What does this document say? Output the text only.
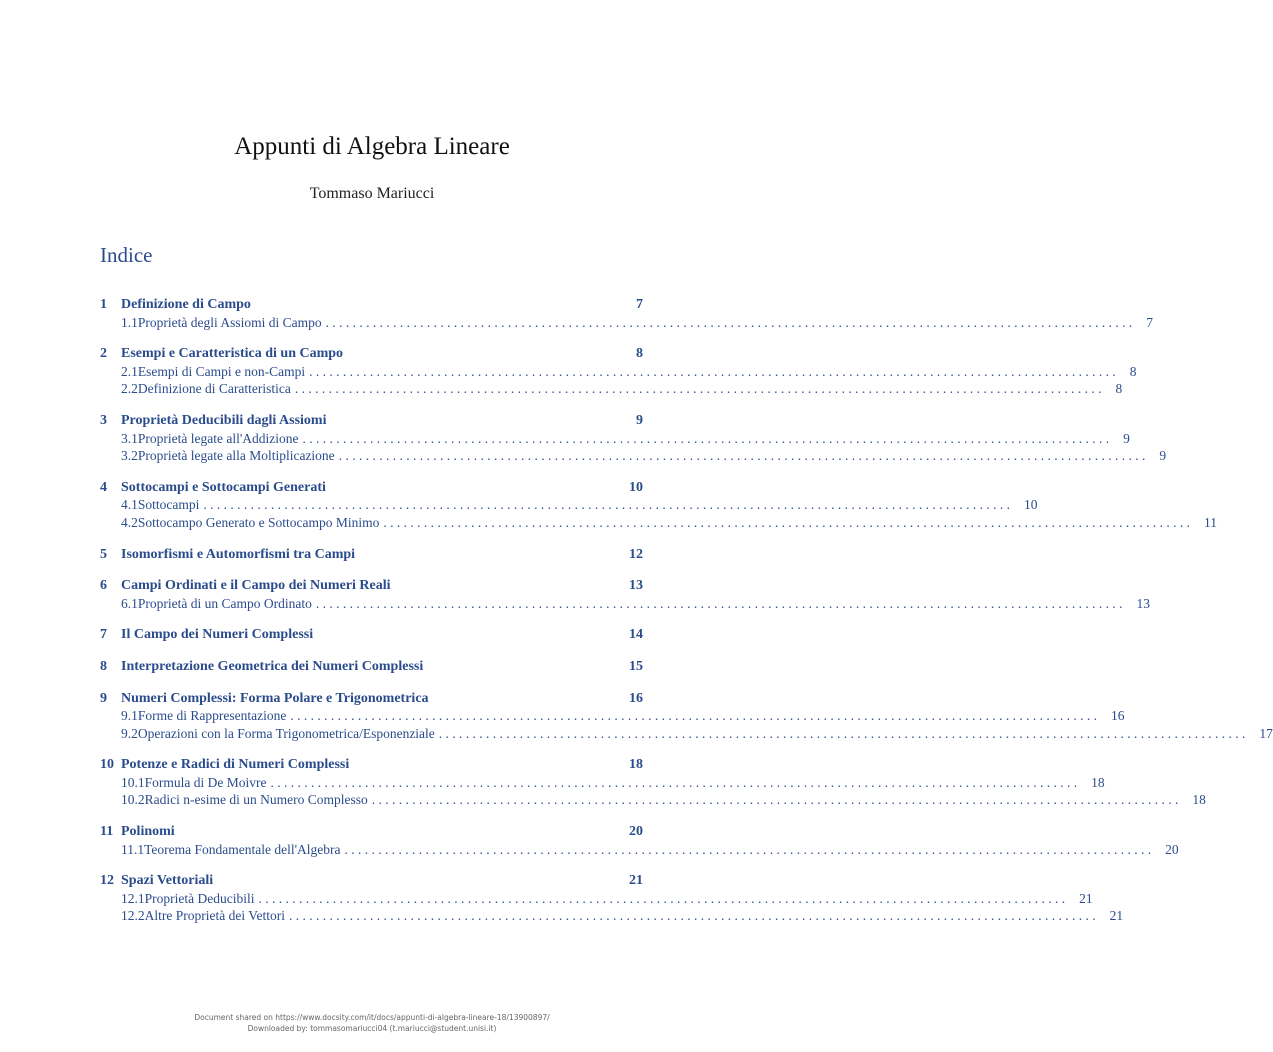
Appunti di Algebra Lineare
Tommaso Mariucci
Indice
1	Definizione di Campo	7
1.1 Proprietà degli Assiomi di Campo . . . . . . . . . . . . . . . . . . . . . . . . . . . . . . . . . . . . . . . . . . . . . . . . . . . . . . . . . . . . . . . . . . . . . . . . . . . . . . . . . . . . . . . . . . . . . . . . . . . . . . . . . . . . . . . . . . . . . . . .	7
2	Esempi e Caratteristica di un Campo	8
2.1 Esempi di Campi e non-Campi . . . . . . . . . . . . . . . . . . . . . . . . . . . . . . . . . . . . . . . . . . . . . . . . . . . . . . . . . . . . . . . . . . . . . . . . . . . . . . . . . . . . . . . . . . . . . . . . . . . . . . . . . . . . . . . . . . . . . . . .	8
2.2 Definizione di Caratteristica . . . . . . . . . . . . . . . . . . . . . . . . . . . . . . . . . . . . . . . . . . . . . . . . . . . . . . . . . . . . . . . . . . . . . . . . . . . . . . . . . . . . . . . . . . . . . . . . . . . . . . . . . . . . . . . . . . . . . . . .	8
3	Proprietà Deducibili dagli Assiomi	9
3.1 Proprietà legate all'Addizione . . . . . . . . . . . . . . . . . . . . . . . . . . . . . . . . . . . . . . . . . . . . . . . . . . . . . . . . . . . . . . . . . . . . . . . . . . . . . . . . . . . . . . . . . . . . . . . . . . . . . . . . . . . . . . . . . . . . . . . .	9
3.2 Proprietà legate alla Moltiplicazione . . . . . . . . . . . . . . . . . . . . . . . . . . . . . . . . . . . . . . . . . . . . . . . . . . . . . . . . . . . . . . . . . . . . . . . . . . . . . . . . . . . . . . . . . . . . . . . . . . . . . . . . . . . . . . . . . . . . . . . .	9
4	Sottocampi e Sottocampi Generati	10
4.1 Sottocampi . . . . . . . . . . . . . . . . . . . . . . . . . . . . . . . . . . . . . . . . . . . . . . . . . . . . . . . . . . . . . . . . . . . . . . . . . . . . . . . . . . . . . . . . . . . . . . . . . . . . . . . . . . . . . . . . . . . . . . . .	10
4.2 Sottocampo Generato e Sottocampo Minimo . . . . . . . . . . . . . . . . . . . . . . . . . . . . . . . . . . . . . . . . . . . . . . . . . . . . . . . . . . . . . . . . . . . . . . . . . . . . . . . . . . . . . . . . . . . . . . . . . . . . . . . . . . . . . . . . . . . . . . . .	11
5	Isomorfismi e Automorfismi tra Campi	12
6	Campi Ordinati e il Campo dei Numeri Reali	13
6.1 Proprietà di un Campo Ordinato . . . . . . . . . . . . . . . . . . . . . . . . . . . . . . . . . . . . . . . . . . . . . . . . . . . . . . . . . . . . . . . . . . . . . . . . . . . . . . . . . . . . . . . . . . . . . . . . . . . . . . . . . . . . . . . . . . . . . . . .	13
7	Il Campo dei Numeri Complessi	14
8	Interpretazione Geometrica dei Numeri Complessi	15
9	Numeri Complessi: Forma Polare e Trigonometrica	16
9.1 Forme di Rappresentazione . . . . . . . . . . . . . . . . . . . . . . . . . . . . . . . . . . . . . . . . . . . . . . . . . . . . . . . . . . . . . . . . . . . . . . . . . . . . . . . . . . . . . . . . . . . . . . . . . . . . . . . . . . . . . . . . . . . . . . . .	16
9.2 Operazioni con la Forma Trigonometrica/Esponenziale . . . . . . . . . . . . . . . . . . . . . . . . . . . . . . . . . . . . . . . . . . . . . . . . . . . . . . . . . . . . . . . . . . . . . . . . . . . . . . . . . . . . . . . . . . . . . . . . . . . . . . . . . . . . . . . . . . . . . . . .	17
10 Potenze e Radici di Numeri Complessi	18
10.1 Formula di De Moivre . . . . . . . . . . . . . . . . . . . . . . . . . . . . . . . . . . . . . . . . . . . . . . . . . . . . . . . . . . . . . . . . . . . . . . . . . . . . . . . . . . . . . . . . . . . . . . . . . . . . . . . . . . . . . . . . . . . . . . . .	18
10.2 Radici n-esime di un Numero Complesso . . . . . . . . . . . . . . . . . . . . . . . . . . . . . . . . . . . . . . . . . . . . . . . . . . . . . . . . . . . . . . . . . . . . . . . . . . . . . . . . . . . . . . . . . . . . . . . . . . . . . . . . . . . . . . . . . . . . . . . .	18
11 Polinomi	20
11.1 Teorema Fondamentale dell'Algebra . . . . . . . . . . . . . . . . . . . . . . . . . . . . . . . . . . . . . . . . . . . . . . . . . . . . . . . . . . . . . . . . . . . . . . . . . . . . . . . . . . . . . . . . . . . . . . . . . . . . . . . . . . . . . . . . . . . . . . . .	20
12 Spazi Vettoriali	21
12.1 Proprietà Deducibili . . . . . . . . . . . . . . . . . . . . . . . . . . . . . . . . . . . . . . . . . . . . . . . . . . . . . . . . . . . . . . . . . . . . . . . . . . . . . . . . . . . . . . . . . . . . . . . . . . . . . . . . . . . . . . . . . . . . . . . .	21
12.2 Altre Proprietà dei Vettori . . . . . . . . . . . . . . . . . . . . . . . . . . . . . . . . . . . . . . . . . . . . . . . . . . . . . . . . . . . . . . . . . . . . . . . . . . . . . . . . . . . . . . . . . . . . . . . . . . . . . . . . . . . . . . . . . . . . . . . .	21
Document shared on https://www.docsity.com/it/docs/appunti-di-algebra-lineare-18/13900897/
Downloaded by: tommasomariucci04 (t.mariucci@student.unisi.it)
